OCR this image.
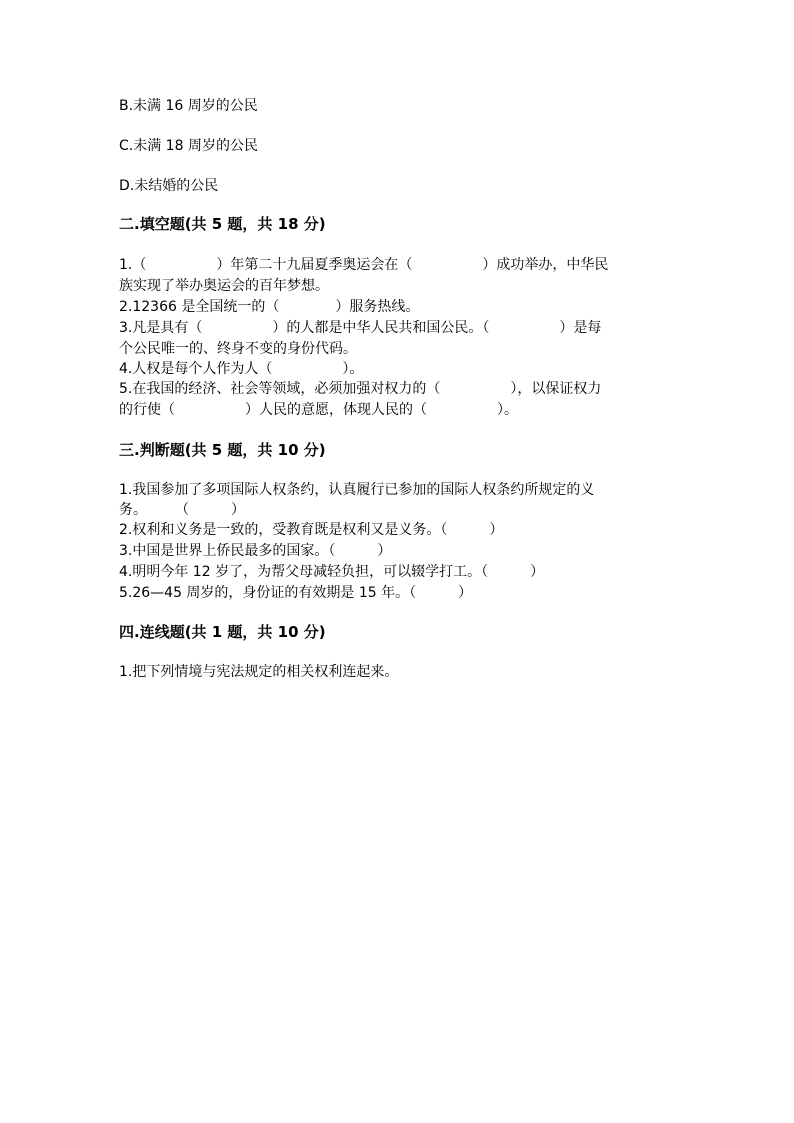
B.未满 16 周岁的公民
C.未满 18 周岁的公民
D.未结婚的公民
二.填空题(共 5 题，共 18 分)
1.（　　　　　）年第二十九届夏季奥运会在（　　　　　）成功举办，中华民
族实现了举办奥运会的百年梦想。
2.12366 是全国统一的（　　　　）服务热线。
3.凡是具有（　　　　　）的人都是中华人民共和国公民。（　　　　　）是每
个公民唯一的、终身不变的身份代码。
4.人权是每个人作为人（　　　　　）。
5.在我国的经济、社会等领域，必须加强对权力的（　　　　　），以保证权力
的行使（　　　　　）人民的意愿，体现人民的（　　　　　）。
三.判断题(共 5 题，共 10 分)
1.我国参加了多项国际人权条约，认真履行已参加的国际人权条约所规定的义
务。　　　（　　　）
2.权利和义务是一致的，受教育既是权利又是义务。（　　　）
3.中国是世界上侨民最多的国家。（　　　）
4.明明今年 12 岁了，为帮父母减轻负担，可以辍学打工。（　　　）
5.26—45 周岁的，身份证的有效期是 15 年。（　　　）
四.连线题(共 1 题，共 10 分)
1.把下列情境与宪法规定的相关权利连起来。
